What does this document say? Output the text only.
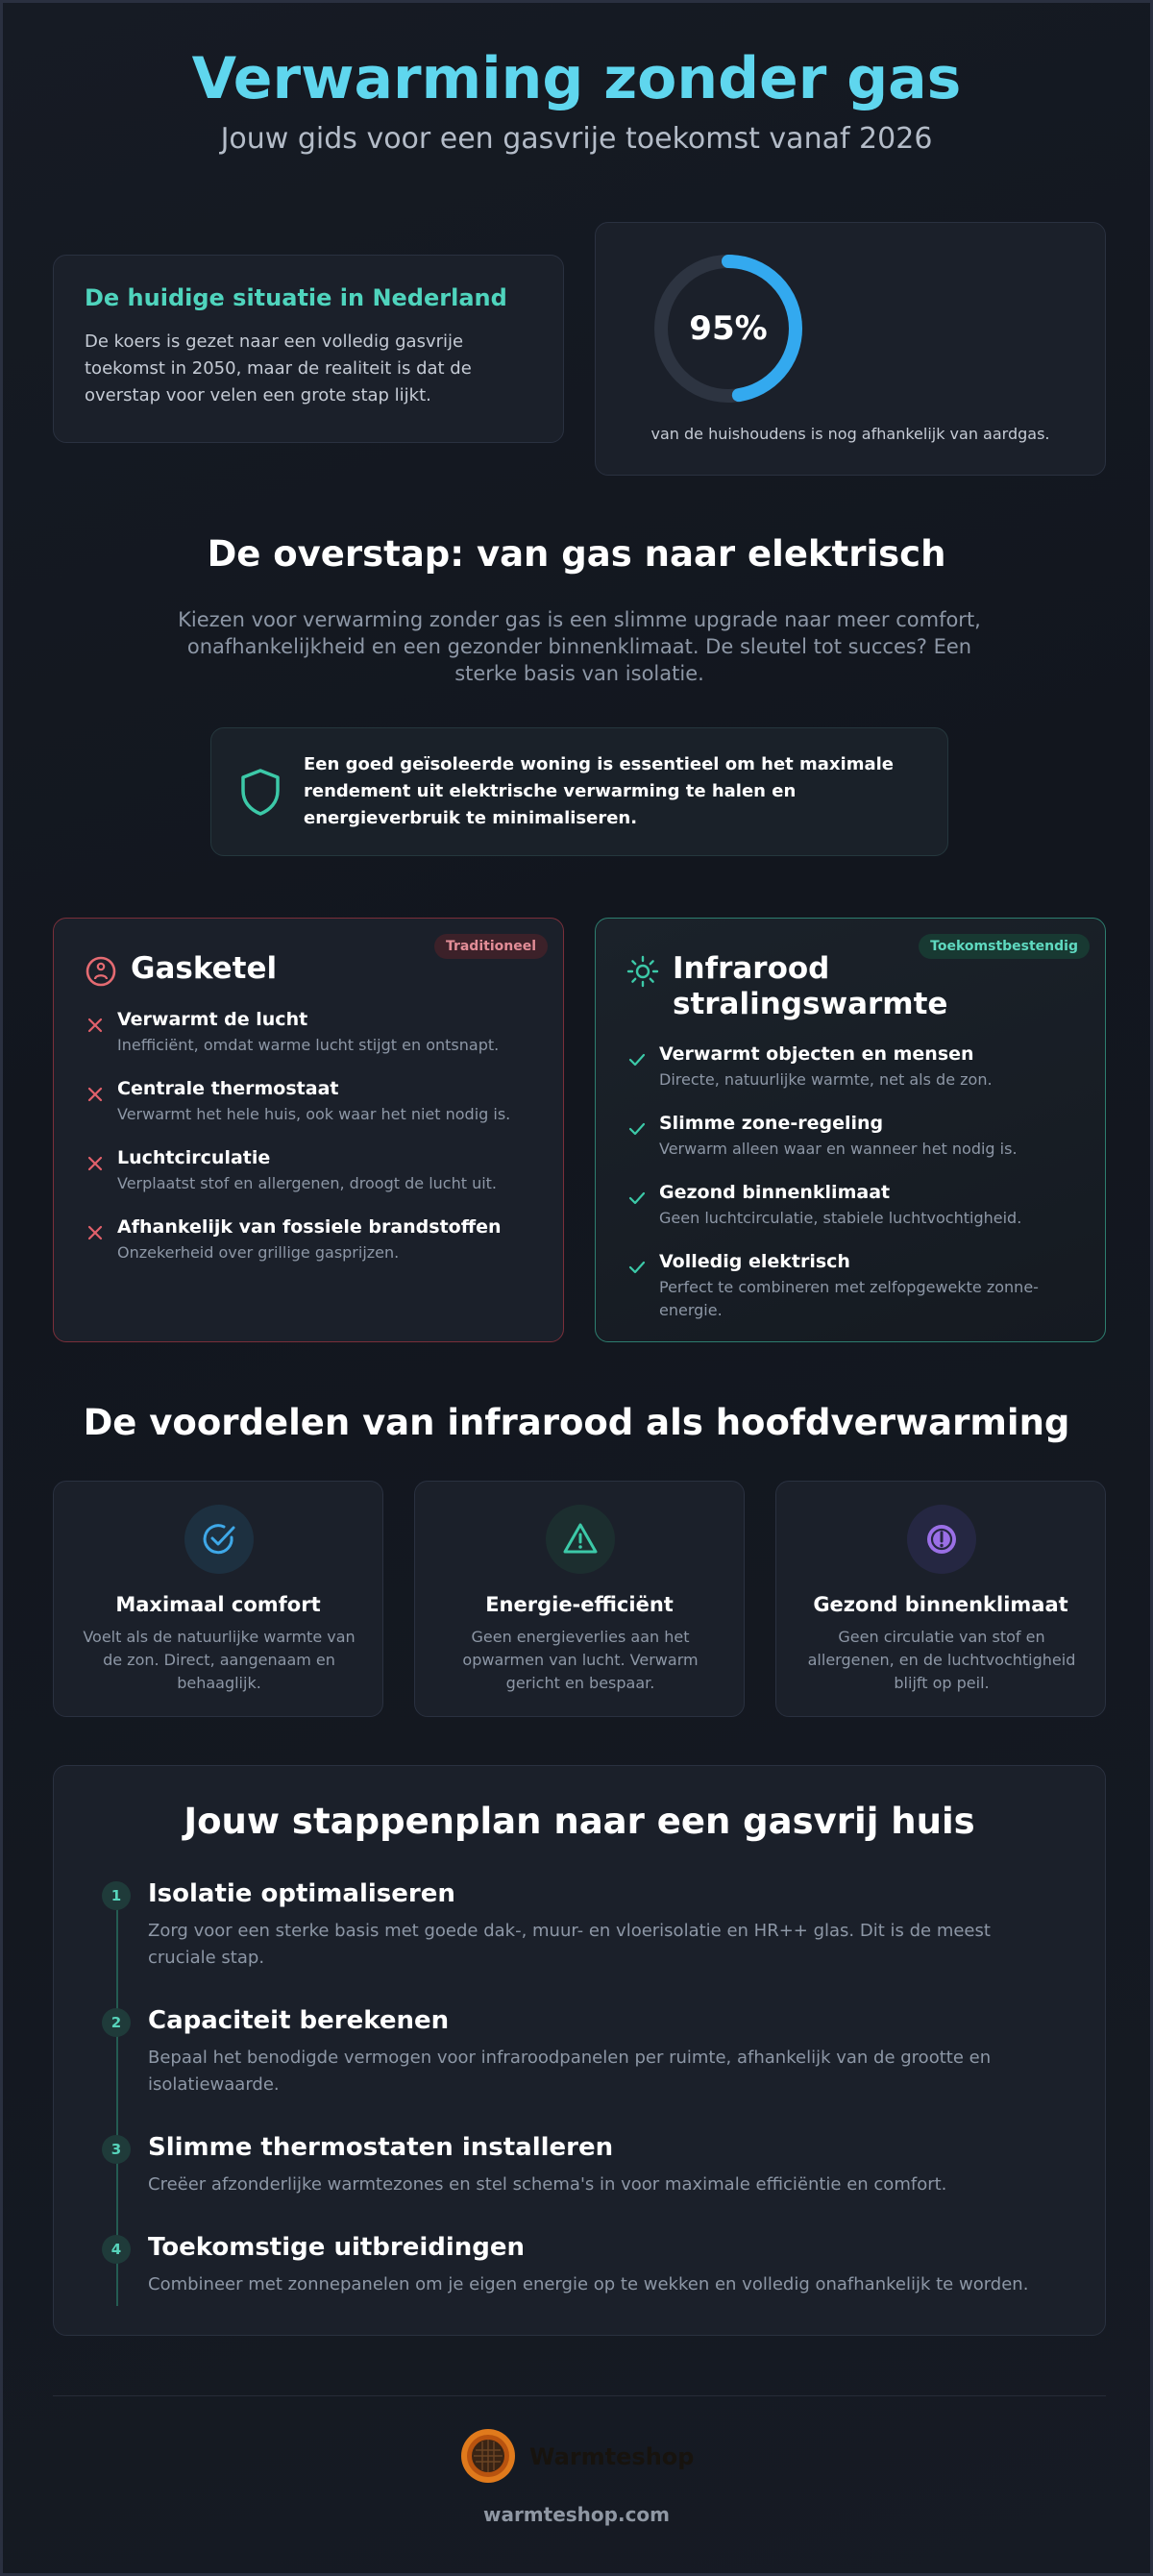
Verwarming zonder gas
Jouw gids voor een gasvrije toekomst vanaf 2026
De huidige situatie in Nederland
De koers is gezet naar een volledig gasvrije toekomst in 2050, maar de realiteit is dat de overstap voor velen een grote stap lijkt.
95%
van de huishoudens is nog afhankelijk van aardgas.
De overstap: van gas naar elektrisch

Kiezen voor verwarming zonder gas is een slimme upgrade naar meer comfort, onafhankelijkheid en een gezonder binnenklimaat. De sleutel tot succes? Een sterke basis van isolatie.

Een goed geïsoleerde woning is essentieel om het maximale rendement uit elektrische verwarming te halen en energieverbruik te minimaliseren.
Traditioneel
Gasketel
Verwarmt de lucht
Inefficiënt, omdat warme lucht stijgt en ontsnapt.
Centrale thermostaat
Verwarmt het hele huis, ook waar het niet nodig is.
Luchtcirculatie
Verplaatst stof en allergenen, droogt de lucht uit.
Afhankelijk van fossiele brandstoffen
Onzekerheid over grillige gasprijzen.
Toekomstbestendig
Infrarood stralingswarmte
Verwarmt objecten en mensen
Directe, natuurlijke warmte, net als de zon.
Slimme zone-regeling
Verwarm alleen waar en wanneer het nodig is.
Gezond binnenklimaat
Geen luchtcirculatie, stabiele luchtvochtigheid.
Volledig elektrisch
Perfect te combineren met zelfopgewekte zonne-energie.
De voordelen van infrarood als hoofdverwarming
Maximaal comfort
Voelt als de natuurlijke warmte van de zon. Direct, aangenaam en behaaglijk.
Energie-efficiënt
Geen energieverlies aan het opwarmen van lucht. Verwarm gericht en bespaar.
Gezond binnenklimaat
Geen circulatie van stof en allergenen, en de luchtvochtigheid blijft op peil.
Jouw stappenplan naar een gasvrij huis
1	Isolatie optimaliseren
Zorg voor een sterke basis met goede dak-, muur- en vloerisolatie en HR++ glas. Dit is de meest cruciale stap.
2	Capaciteit berekenen
Bepaal het benodigde vermogen voor infraroodpanelen per ruimte, afhankelijk van de grootte en isolatiewaarde.
3	Slimme thermostaten installeren
Creëer afzonderlijke warmtezones en stel schema's in voor maximale efficiëntie en comfort.
4	Toekomstige uitbreidingen
Combineer met zonnepanelen om je eigen energie op te wekken en volledig onafhankelijk te worden.
Warmteshop
warmteshop.com
